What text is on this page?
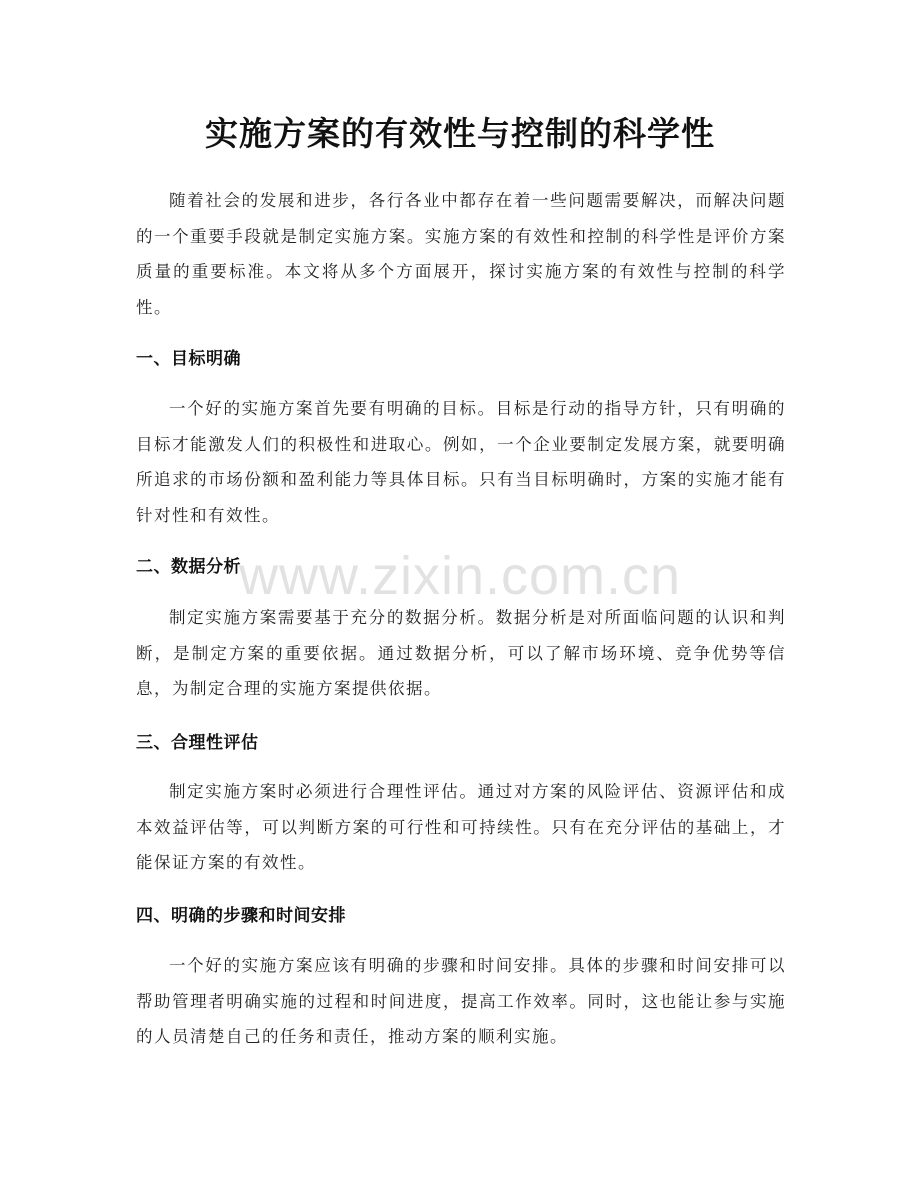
实施方案的有效性与控制的科学性

随着社会的发展和进步，各行各业中都存在着一些问题需要解决，而解决问题的一个重要手段就是制定实施方案。实施方案的有效性和控制的科学性是评价方案质量的重要标准。本文将从多个方面展开，探讨实施方案的有效性与控制的科学性。

一、目标明确

一个好的实施方案首先要有明确的目标。目标是行动的指导方针，只有明确的目标才能激发人们的积极性和进取心。例如，一个企业要制定发展方案，就要明确所追求的市场份额和盈利能力等具体目标。只有当目标明确时，方案的实施才能有针对性和有效性。

二、数据分析

制定实施方案需要基于充分的数据分析。数据分析是对所面临问题的认识和判断，是制定方案的重要依据。通过数据分析，可以了解市场环境、竞争优势等信息，为制定合理的实施方案提供依据。

三、合理性评估

制定实施方案时必须进行合理性评估。通过对方案的风险评估、资源评估和成本效益评估等，可以判断方案的可行性和可持续性。只有在充分评估的基础上，才能保证方案的有效性。

四、明确的步骤和时间安排

一个好的实施方案应该有明确的步骤和时间安排。具体的步骤和时间安排可以帮助管理者明确实施的过程和时间进度，提高工作效率。同时，这也能让参与实施的人员清楚自己的任务和责任，推动方案的顺利实施。

www.zixin.com.cn
